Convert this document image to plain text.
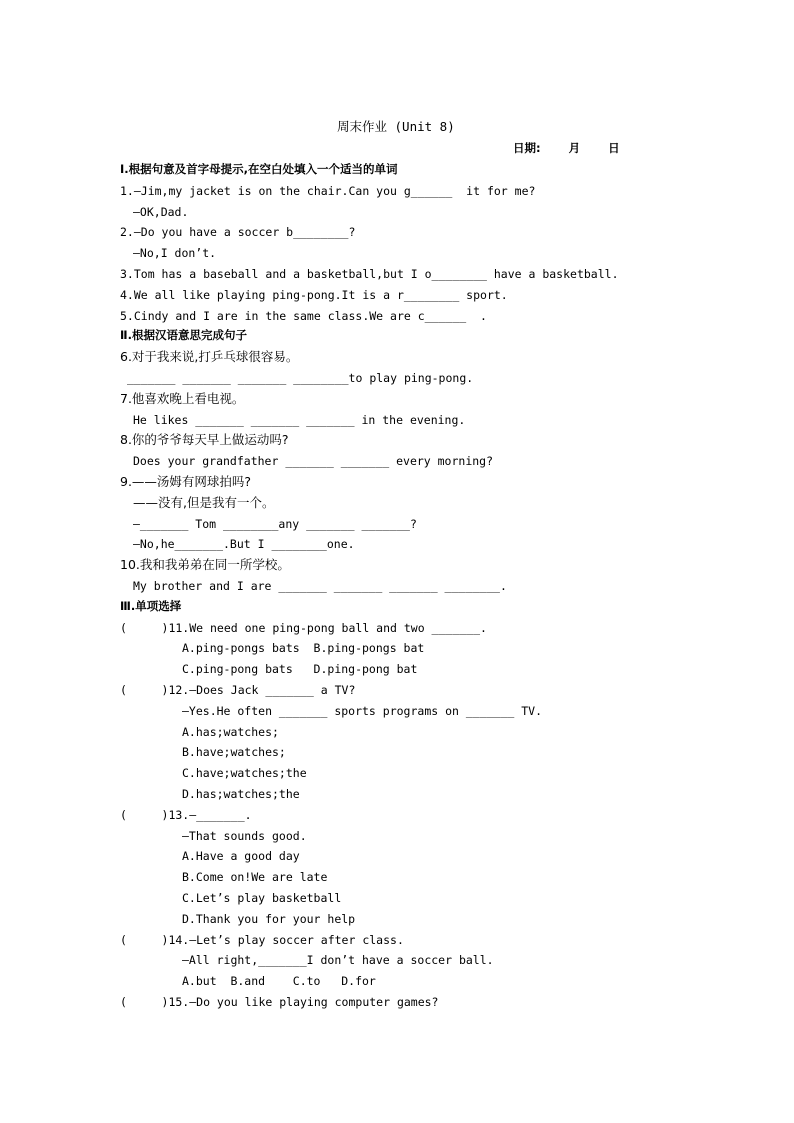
周末作业 (Unit 8)
日期:       月       日
Ⅰ.根据句意及首字母提示,在空白处填入一个适当的单词
1.—Jim,my jacket is on the chair.Can you g______  it for me?
—OK,Dad.
2.—Do you have a soccer b________?
—No,I don’t.
3.Tom has a baseball and a basketball,but I o________ have a basketball.
4.We all like playing ping-pong.It is a r________ sport.
5.Cindy and I are in the same class.We are c______  .
Ⅱ.根据汉语意思完成句子
6.对于我来说,打乒乓球很容易。
_______ _______ _______ ________to play ping-pong.
7.他喜欢晚上看电视。
He likes _______ _______ _______ in the evening.
8.你的爷爷每天早上做运动吗?
Does your grandfather _______ _______ every morning?
9.——汤姆有网球拍吗?
——没有,但是我有一个。
—_______ Tom ________any _______ _______?
—No,he_______.But I ________one.
10.我和我弟弟在同一所学校。
My brother and I are _______ _______ _______ ________.
Ⅲ.单项选择
(     )11.We need one ping-pong ball and two _______.
A.ping-pongs bats  B.ping-pongs bat
C.ping-pong bats   D.ping-pong bat
(     )12.—Does Jack _______ a TV?
—Yes.He often _______ sports programs on _______ TV.
A.has;watches;
B.have;watches;
C.have;watches;the
D.has;watches;the
(     )13.—_______.
—That sounds good.
A.Have a good day
B.Come on!We are late
C.Let’s play basketball
D.Thank you for your help
(     )14.—Let’s play soccer after class.
—All right,_______I don’t have a soccer ball.
A.but  B.and    C.to   D.for
(     )15.—Do you like playing computer games?
